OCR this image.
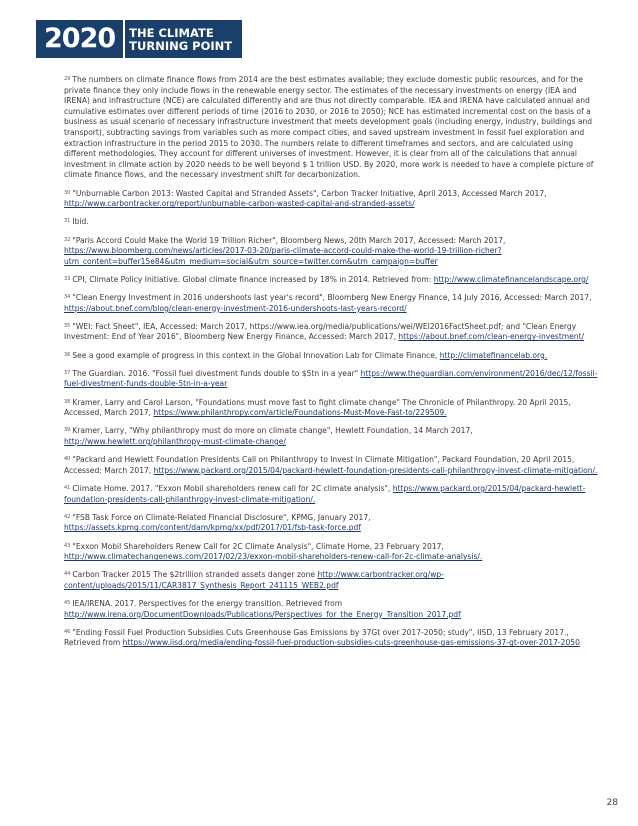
2020	THE CLIMATE
TURNING POINT

$^{29}$ The numbers on climate finance flows from 2014 are the best estimates available; they exclude domestic public resources, and for the private finance they only include flows in the renewable energy sector. The estimates of the necessary investments on energy (IEA and IRENA) and infrastructure (NCE) are calculated differently and are thus not directly comparable. IEA and IRENA have calculated annual and cumulative estimates over different periods of time (2016 to 2030, or 2016 to 2050); NCE has estimated incremental cost on the basis of a business as usual scenario of necessary infrastructure investment that meets development goals (including energy, industry, buildings and transport), subtracting savings from variables such as more compact cities, and saved upstream investment in fossil fuel exploration and extraction infrastructure in the period 2015 to 2030. The numbers relate to different timeframes and sectors, and are calculated using different methodologies. They account for different universes of investment. However, it is clear from all of the calculations that annual investment in climate action by 2020 needs to be well beyond $ 1 trillion USD. By 2020, more work is needed to have a complete picture of climate finance flows, and the necessary investment shift for decarbonization.

$^{30}$ "Unburnable Carbon 2013: Wasted Capital and Stranded Assets", Carbon Tracker Initiative, April 2013, Accessed March 2017, http://www.carbontracker.org/report/unburnable-carbon-wasted-capital-and-stranded-assets/

$^{31}$ Ibid.

$^{32}$ "Paris Accord Could Make the World 19 Trillion Richer", Bloomberg News, 20th March 2017, Accessed: March 2017, https://www.bloomberg.com/news/articles/2017-03-20/paris-climate-accord-could-make-the-world-19-trillion-richer?utm_content=buffer15e84&utm_medium=social&utm_source=twitter.com&utm_campaign=buffer

$^{33}$ CPI, Climate Policy Initiative. Global climate finance increased by 18% in 2014. Retrieved from: http://www.climatefinancelandscape.org/

$^{34}$ "Clean Energy Investment in 2016 undershoots last year's record", Bloomberg New Energy Finance, 14 July 2016, Accessed: March 2017, https://about.bnef.com/blog/clean-energy-investment-2016-undershoots-last-years-record/

$^{35}$ "WEI: Fact Sheet", IEA, Accessed: March 2017, https://www.iea.org/media/publications/wei/WEI2016FactSheet.pdf; and "Clean Energy Investment: End of Year 2016", Bloomberg New Energy Finance, Accessed: March 2017, https://about.bnef.com/clean-energy-investment/

$^{36}$ See a good example of progress in this context in the Global Innovation Lab for Climate Finance, http://climatefinancelab.org.

$^{37}$ The Guardian. 2016. "Fossil fuel divestment funds double to $5tn in a year" https://www.theguardian.com/environment/2016/dec/12/fossil-fuel-divestment-funds-double-5tn-in-a-year

$^{38}$ Kramer, Larry and Carol Larson, "Foundations must move fast to fight climate change" The Chronicle of Philanthropy. 20 April 2015, Accessed, March 2017, https://www.philanthropy.com/article/Foundations-Must-Move-Fast-to/229509.

$^{39}$ Kramer, Larry, "Why philanthropy must do more on climate change", Hewlett Foundation, 14 March 2017, http://www.hewlett.org/philanthropy-must-climate-change/

$^{40}$ "Packard and Hewlett Foundation Presidents Call on Philanthropy to Invest in Climate Mitigation", Packard Foundation, 20 April 2015, Accessed: March 2017, https://www.packard.org/2015/04/packard-hewlett-foundation-presidents-call-philanthropy-invest-climate-mitigation/.

$^{41}$ Climate Home. 2017. "Exxon Mobil shareholders renew call for 2C climate analysis", https://www.packard.org/2015/04/packard-hewlett-foundation-presidents-call-philanthropy-invest-climate-mitigation/.

$^{42}$ "FSB Task Force on Climate-Related Financial Disclosure", KPMG, January 2017, https://assets.kpmg.com/content/dam/kpmg/xx/pdf/2017/01/fsb-task-force.pdf

$^{43}$ "Exxon Mobil Shareholders Renew Call for 2C Climate Analysis", Climate Home, 23 February 2017, http://www.climatechangenews.com/2017/02/23/exxon-mobil-shareholders-renew-call-for-2c-climate-analysis/.

$^{44}$ Carbon Tracker 2015 The $2trillion stranded assets danger zone http://www.carbontracker.org/wp-content/uploads/2015/11/CAR3817_Synthesis_Report_241115_WEB2.pdf

$^{45}$ IEA/IRENA. 2017. Perspectives for the energy transition. Retrieved from http://www.irena.org/DocumentDownloads/Publications/Perspectives_for_the_Energy_Transition_2017.pdf

$^{46}$ "Ending Fossil Fuel Production Subsidies Cuts Greenhouse Gas Emissions by 37Gt over 2017-2050; study", IISD, 13 February 2017., Retrieved from https://www.iisd.org/media/ending-fossil-fuel-production-subsidies-cuts-greenhouse-gas-emissions-37-gt-over-2017-2050

28
